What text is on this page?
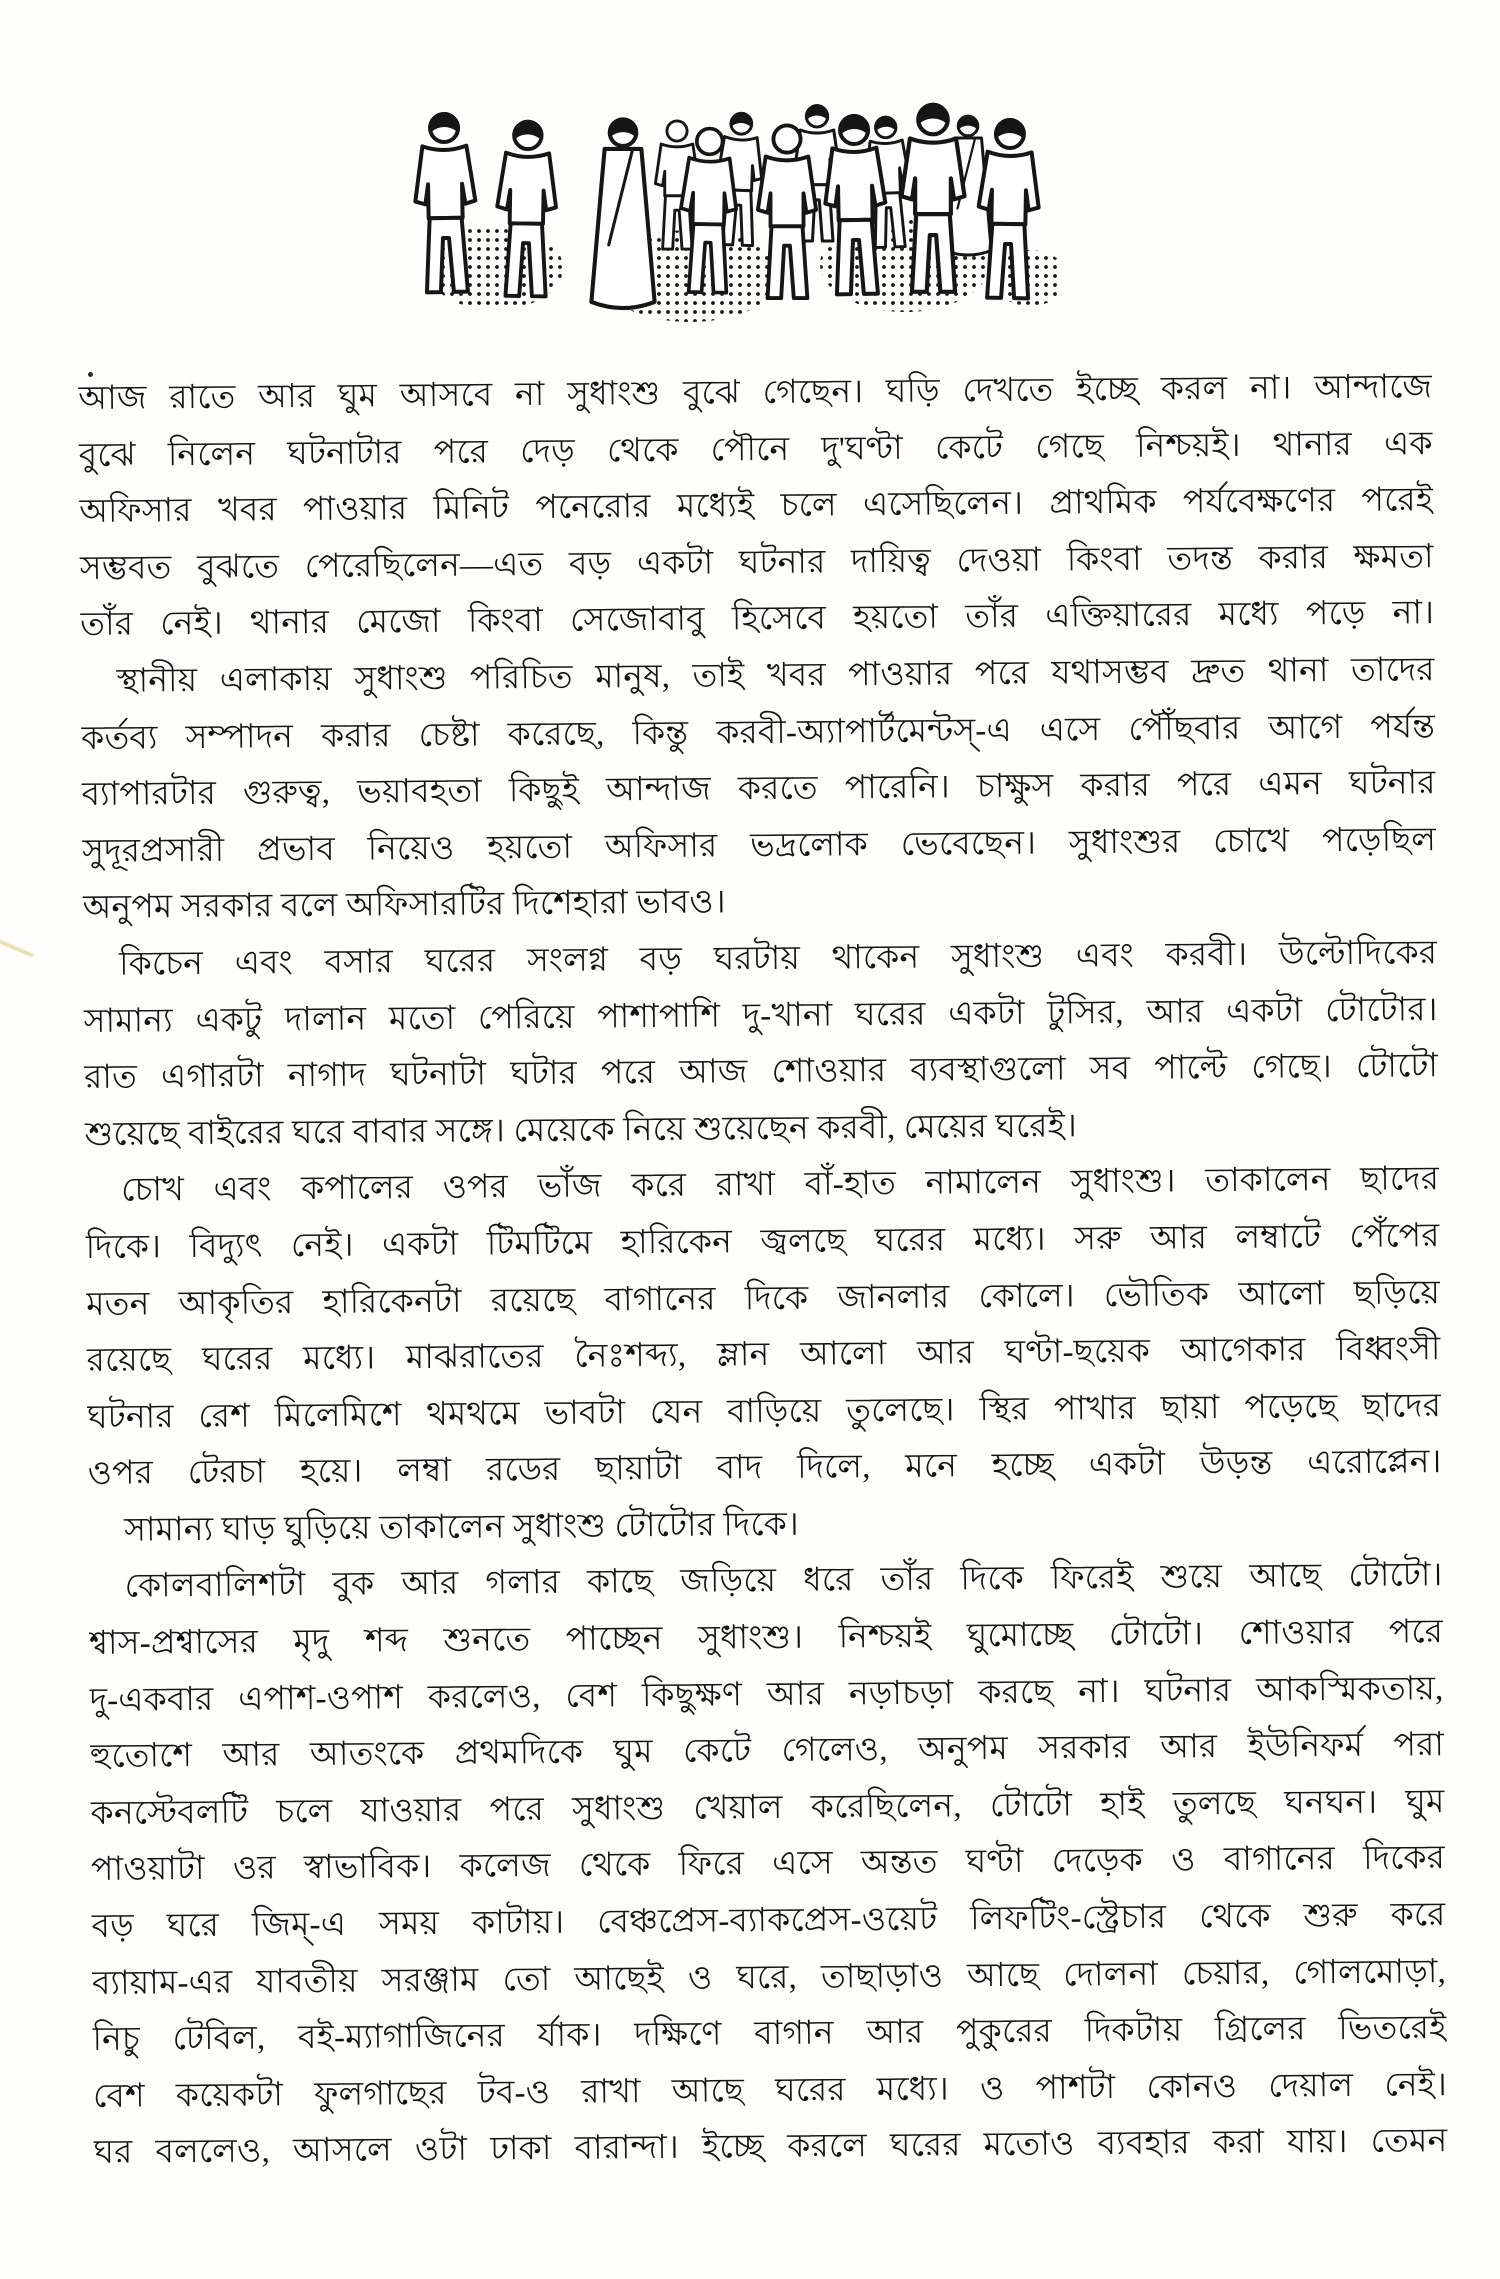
আজ রাতে আর ঘুম আসবে না সুধাংশু বুঝে গেছেন। ঘড়ি দেখতে ইচ্ছে করল না। আন্দাজে
বুঝে নিলেন ঘটনাটার পরে দেড় থেকে পৌনে দু'ঘণ্টা কেটে গেছে নিশ্চয়ই। থানার এক
অফিসার খবর পাওয়ার মিনিট পনেরোর মধ্যেই চলে এসেছিলেন। প্রাথমিক পর্যবেক্ষণের পরেই
সম্ভবত বুঝতে পেরেছিলেন—এত বড় একটা ঘটনার দায়িত্ব দেওয়া কিংবা তদন্ত করার ক্ষমতা
তাঁর নেই। থানার মেজো কিংবা সেজোবাবু হিসেবে হয়তো তাঁর এক্তিয়ারের মধ্যে পড়ে না।
স্থানীয় এলাকায় সুধাংশু পরিচিত মানুষ, তাই খবর পাওয়ার পরে যথাসম্ভব দ্রুত থানা তাদের
কর্তব্য সম্পাদন করার চেষ্টা করেছে, কিন্তু করবী-অ্যাপার্টমেন্টস্-এ এসে পৌঁছবার আগে পর্যন্ত
ব্যাপারটার গুরুত্ব, ভয়াবহতা কিছুই আন্দাজ করতে পারেনি। চাক্ষুস করার পরে এমন ঘটনার
সুদূরপ্রসারী প্রভাব নিয়েও হয়তো অফিসার ভদ্রলোক ভেবেছেন। সুধাংশুর চোখে পড়েছিল
অনুপম সরকার বলে অফিসারটির দিশেহারা ভাবও।
কিচেন এবং বসার ঘরের সংলগ্ন বড় ঘরটায় থাকেন সুধাংশু এবং করবী। উল্টোদিকের
সামান্য একটু দালান মতো পেরিয়ে পাশাপাশি দু-খানা ঘরের একটা টুসির, আর একটা টোটোর।
রাত এগারটা নাগাদ ঘটনাটা ঘটার পরে আজ শোওয়ার ব্যবস্থাগুলো সব পাল্টে গেছে। টোটো
শুয়েছে বাইরের ঘরে বাবার সঙ্গে। মেয়েকে নিয়ে শুয়েছেন করবী, মেয়ের ঘরেই।
চোখ এবং কপালের ওপর ভাঁজ করে রাখা বাঁ-হাত নামালেন সুধাংশু। তাকালেন ছাদের
দিকে। বিদ্যুৎ নেই। একটা টিমটিমে হারিকেন জ্বলছে ঘরের মধ্যে। সরু আর লম্বাটে পেঁপের
মতন আকৃতির হারিকেনটা রয়েছে বাগানের দিকে জানলার কোলে। ভৌতিক আলো ছড়িয়ে
রয়েছে ঘরের মধ্যে। মাঝরাতের নৈঃশব্দ্য, ম্লান আলো আর ঘণ্টা-ছয়েক আগেকার বিধ্বংসী
ঘটনার রেশ মিলেমিশে থমথমে ভাবটা যেন বাড়িয়ে তুলেছে। স্থির পাখার ছায়া পড়েছে ছাদের
ওপর টেরচা হয়ে। লম্বা রডের ছায়াটা বাদ দিলে, মনে হচ্ছে একটা উড়ন্ত এরোপ্লেন।
সামান্য ঘাড় ঘুড়িয়ে তাকালেন সুধাংশু টোটোর দিকে।
কোলবালিশটা বুক আর গলার কাছে জড়িয়ে ধরে তাঁর দিকে ফিরেই শুয়ে আছে টোটো।
শ্বাস-প্রশ্বাসের মৃদু শব্দ শুনতে পাচ্ছেন সুধাংশু। নিশ্চয়ই ঘুমোচ্ছে টোটো। শোওয়ার পরে
দু-একবার এপাশ-ওপাশ করলেও, বেশ কিছুক্ষণ আর নড়াচড়া করছে না। ঘটনার আকস্মিকতায়,
হুতোশে আর আতংকে প্রথমদিকে ঘুম কেটে গেলেও, অনুপম সরকার আর ইউনিফর্ম পরা
কনস্টেবলটি চলে যাওয়ার পরে সুধাংশু খেয়াল করেছিলেন, টোটো হাই তুলছে ঘনঘন। ঘুম
পাওয়াটা ওর স্বাভাবিক। কলেজ থেকে ফিরে এসে অন্তত ঘণ্টা দেড়েক ও বাগানের দিকের
বড় ঘরে জিম্-এ সময় কাটায়। বেঞ্চপ্রেস-ব্যাকপ্রেস-ওয়েট লিফটিং-স্ট্রেচার থেকে শুরু করে
ব্যায়াম-এর যাবতীয় সরঞ্জাম তো আছেই ও ঘরে, তাছাড়াও আছে দোলনা চেয়ার, গোলমোড়া,
নিচু টেবিল, বই-ম্যাগাজিনের র্যাক। দক্ষিণে বাগান আর পুকুরের দিকটায় গ্রিলের ভিতরেই
বেশ কয়েকটা ফুলগাছের টব-ও রাখা আছে ঘরের মধ্যে। ও পাশটা কোনও দেয়াল নেই।
ঘর বললেও, আসলে ওটা ঢাকা বারান্দা। ইচ্ছে করলে ঘরের মতোও ব্যবহার করা যায়। তেমন
